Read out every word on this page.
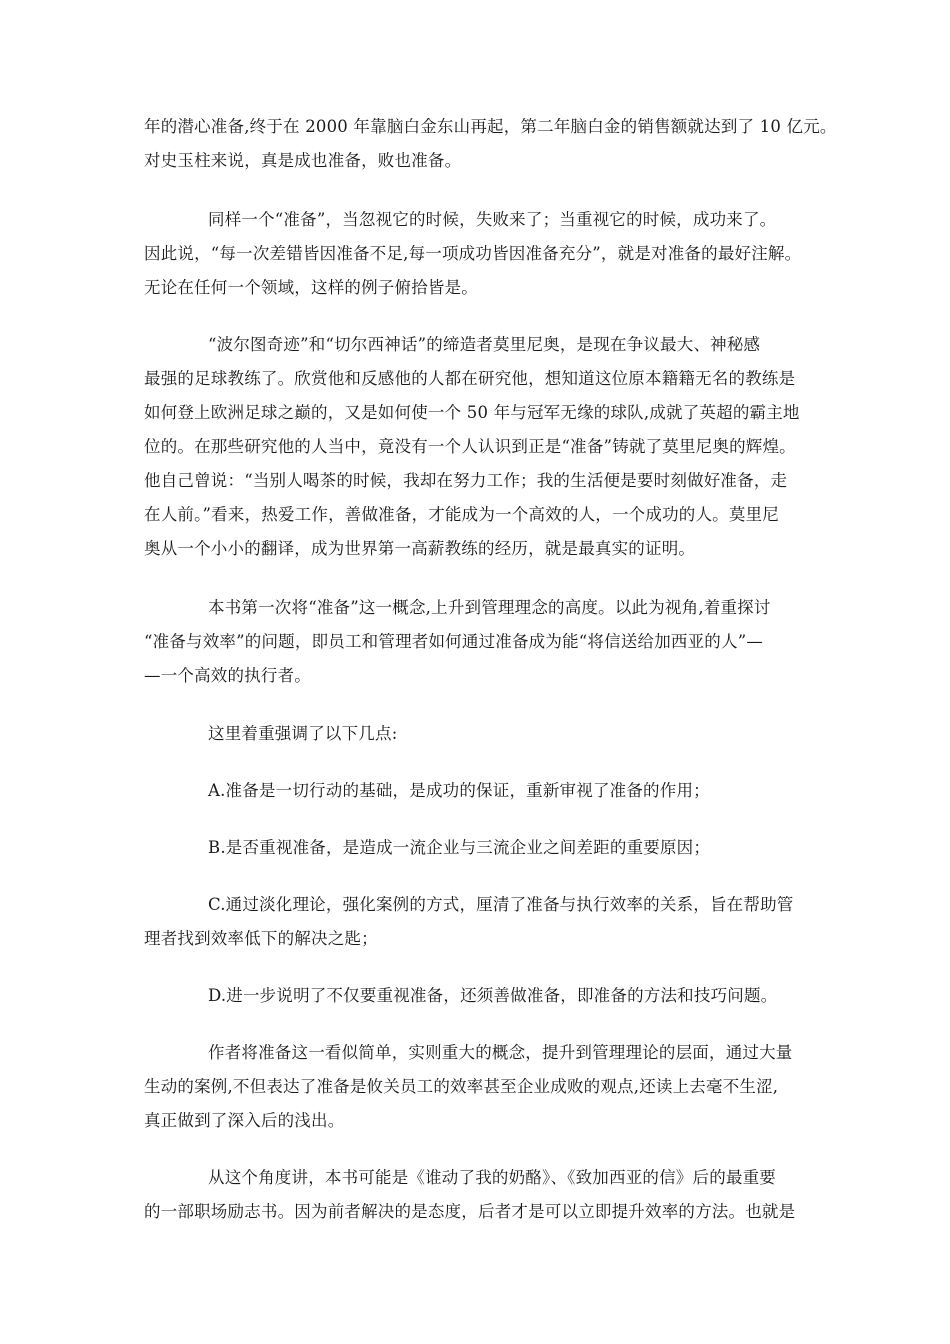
年的潜心准备,终于在 2000 年靠脑白金东山再起，第二年脑白金的销售额就达到了 10 亿元。
对史玉柱来说，真是成也准备，败也准备。
同样一个“准备”，当忽视它的时候，失败来了；当重视它的时候，成功来了。
因此说，“每一次差错皆因准备不足,每一项成功皆因准备充分”，就是对准备的最好注解。
无论在任何一个领域，这样的例子俯拾皆是。
“波尔图奇迹”和“切尔西神话”的缔造者莫里尼奥，是现在争议最大、神秘感
最强的足球教练了。欣赏他和反感他的人都在研究他，想知道这位原本籍籍无名的教练是
如何登上欧洲足球之巅的，又是如何使一个 50 年与冠军无缘的球队,成就了英超的霸主地
位的。在那些研究他的人当中，竟没有一个人认识到正是“准备”铸就了莫里尼奥的辉煌。
他自己曾说：“当别人喝茶的时候，我却在努力工作；我的生活便是要时刻做好准备，走
在人前。”看来，热爱工作，善做准备，才能成为一个高效的人，一个成功的人。莫里尼
奥从一个小小的翻译，成为世界第一高薪教练的经历，就是最真实的证明。
本书第一次将“准备”这一概念,上升到管理理念的高度。以此为视角,着重探讨
“准备与效率”的问题，即员工和管理者如何通过准备成为能“将信送给加西亚的人”—
—一个高效的执行者。
这里着重强调了以下几点:
A.准备是一切行动的基础，是成功的保证，重新审视了准备的作用；
B.是否重视准备，是造成一流企业与三流企业之间差距的重要原因；
C.通过淡化理论，强化案例的方式，厘清了准备与执行效率的关系，旨在帮助管
理者找到效率低下的解决之匙；
D.进一步说明了不仅要重视准备，还须善做准备，即准备的方法和技巧问题。
作者将准备这一看似简单，实则重大的概念，提升到管理理论的层面，通过大量
生动的案例,不但表达了准备是攸关员工的效率甚至企业成败的观点,还读上去毫不生涩,
真正做到了深入后的浅出。
从这个角度讲，本书可能是《谁动了我的奶酪》、《致加西亚的信》后的最重要
的一部职场励志书。因为前者解决的是态度，后者才是可以立即提升效率的方法。也就是
